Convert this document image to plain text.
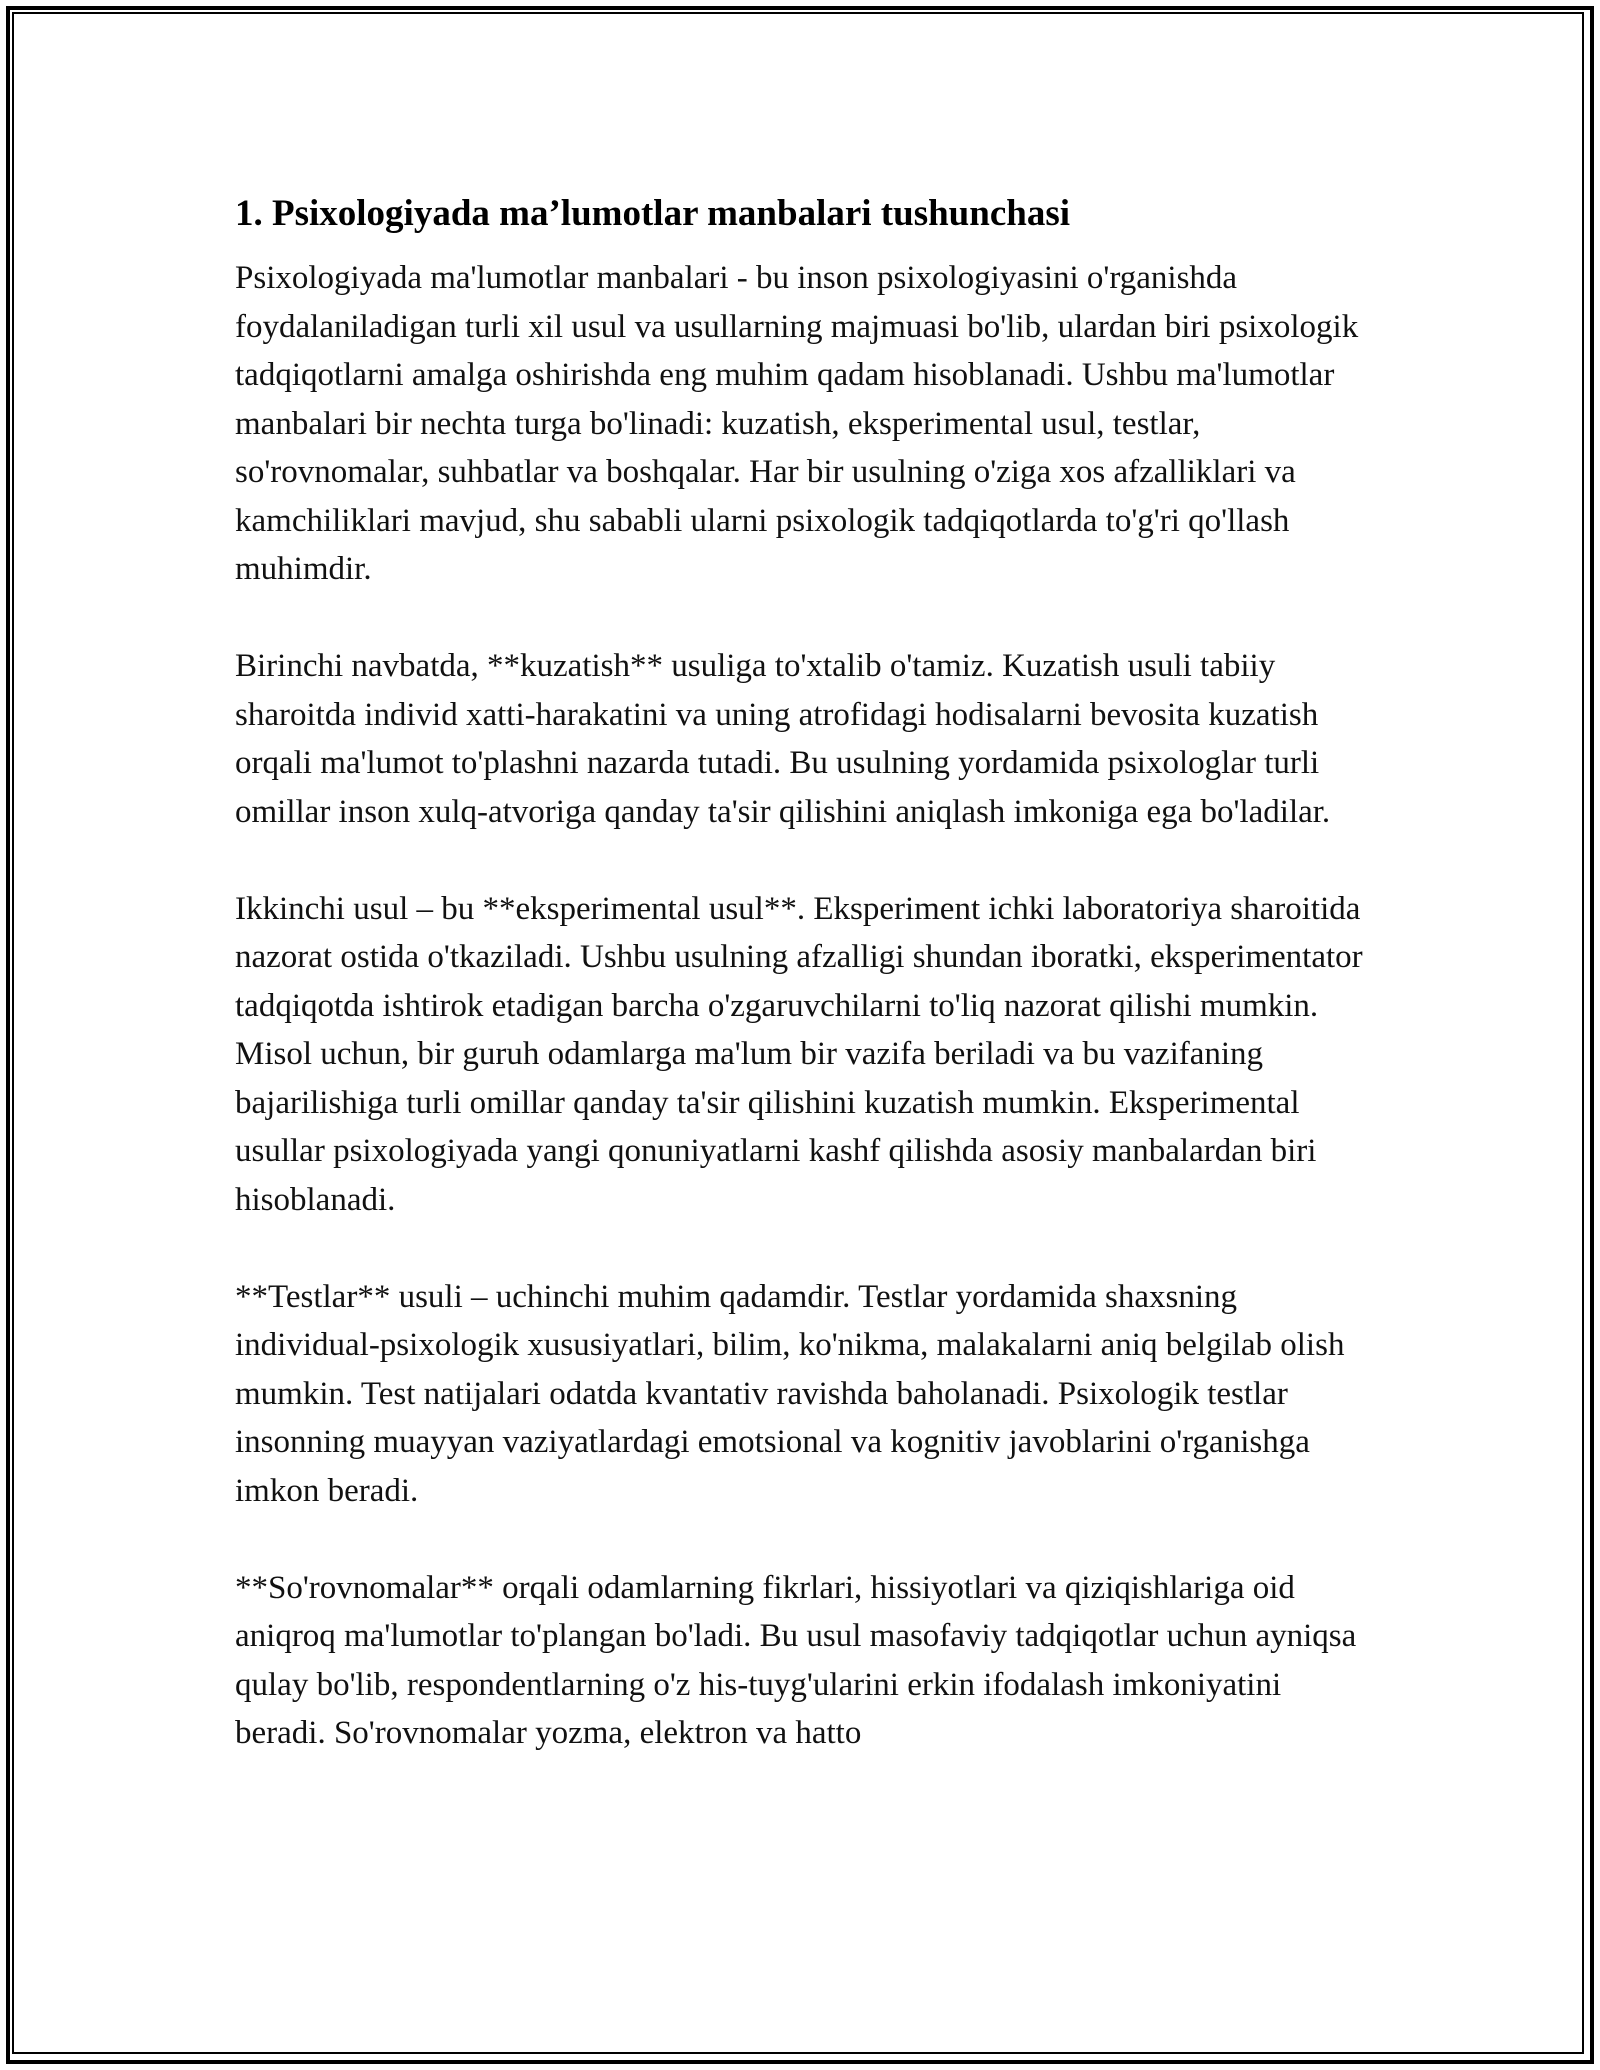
1. Psixologiyada ma’lumotlar manbalari tushunchasi

Psixologiyada ma'lumotlar manbalari - bu inson psixologiyasini o'rganishda foydalaniladigan turli xil usul va usullarning majmuasi bo'lib, ulardan biri psixologik tadqiqotlarni amalga oshirishda eng muhim qadam hisoblanadi. Ushbu ma'lumotlar manbalari bir nechta turga bo'linadi: kuzatish, eksperimental usul, testlar, so'rovnomalar, suhbatlar va boshqalar. Har bir usulning o'ziga xos afzalliklari va kamchiliklari mavjud, shu sababli ularni psixologik tadqiqotlarda to'g'ri qo'llash muhimdir.

Birinchi navbatda, **kuzatish** usuliga to'xtalib o'tamiz. Kuzatish usuli tabiiy sharoitda individ xatti-harakatini va uning atrofidagi hodisalarni bevosita kuzatish orqali ma'lumot to'plashni nazarda tutadi. Bu usulning yordamida psixologlar turli omillar inson xulq-atvoriga qanday ta'sir qilishini aniqlash imkoniga ega bo'ladilar.

Ikkinchi usul – bu **eksperimental usul**. Eksperiment ichki laboratoriya sharoitida nazorat ostida o'tkaziladi. Ushbu usulning afzalligi shundan iboratki, eksperimentator tadqiqotda ishtirok etadigan barcha o'zgaruvchilarni to'liq nazorat qilishi mumkin. Misol uchun, bir guruh odamlarga ma'lum bir vazifa beriladi va bu vazifaning bajarilishiga turli omillar qanday ta'sir qilishini kuzatish mumkin. Eksperimental usullar psixologiyada yangi qonuniyatlarni kashf qilishda asosiy manbalardan biri hisoblanadi.

**Testlar** usuli – uchinchi muhim qadamdir. Testlar yordamida shaxsning individual-psixologik xususiyatlari, bilim, ko'nikma, malakalarni aniq belgilab olish mumkin. Test natijalari odatda kvantativ ravishda baholanadi. Psixologik testlar insonning muayyan vaziyatlardagi emotsional va kognitiv javoblarini o'rganishga imkon beradi.

**So'rovnomalar** orqali odamlarning fikrlari, hissiyotlari va qiziqishlariga oid aniqroq ma'lumotlar to'plangan bo'ladi. Bu usul masofaviy tadqiqotlar uchun ayniqsa qulay bo'lib, respondentlarning o'z his-tuyg'ularini erkin ifodalash imkoniyatini beradi. So'rovnomalar yozma, elektron va hatto
